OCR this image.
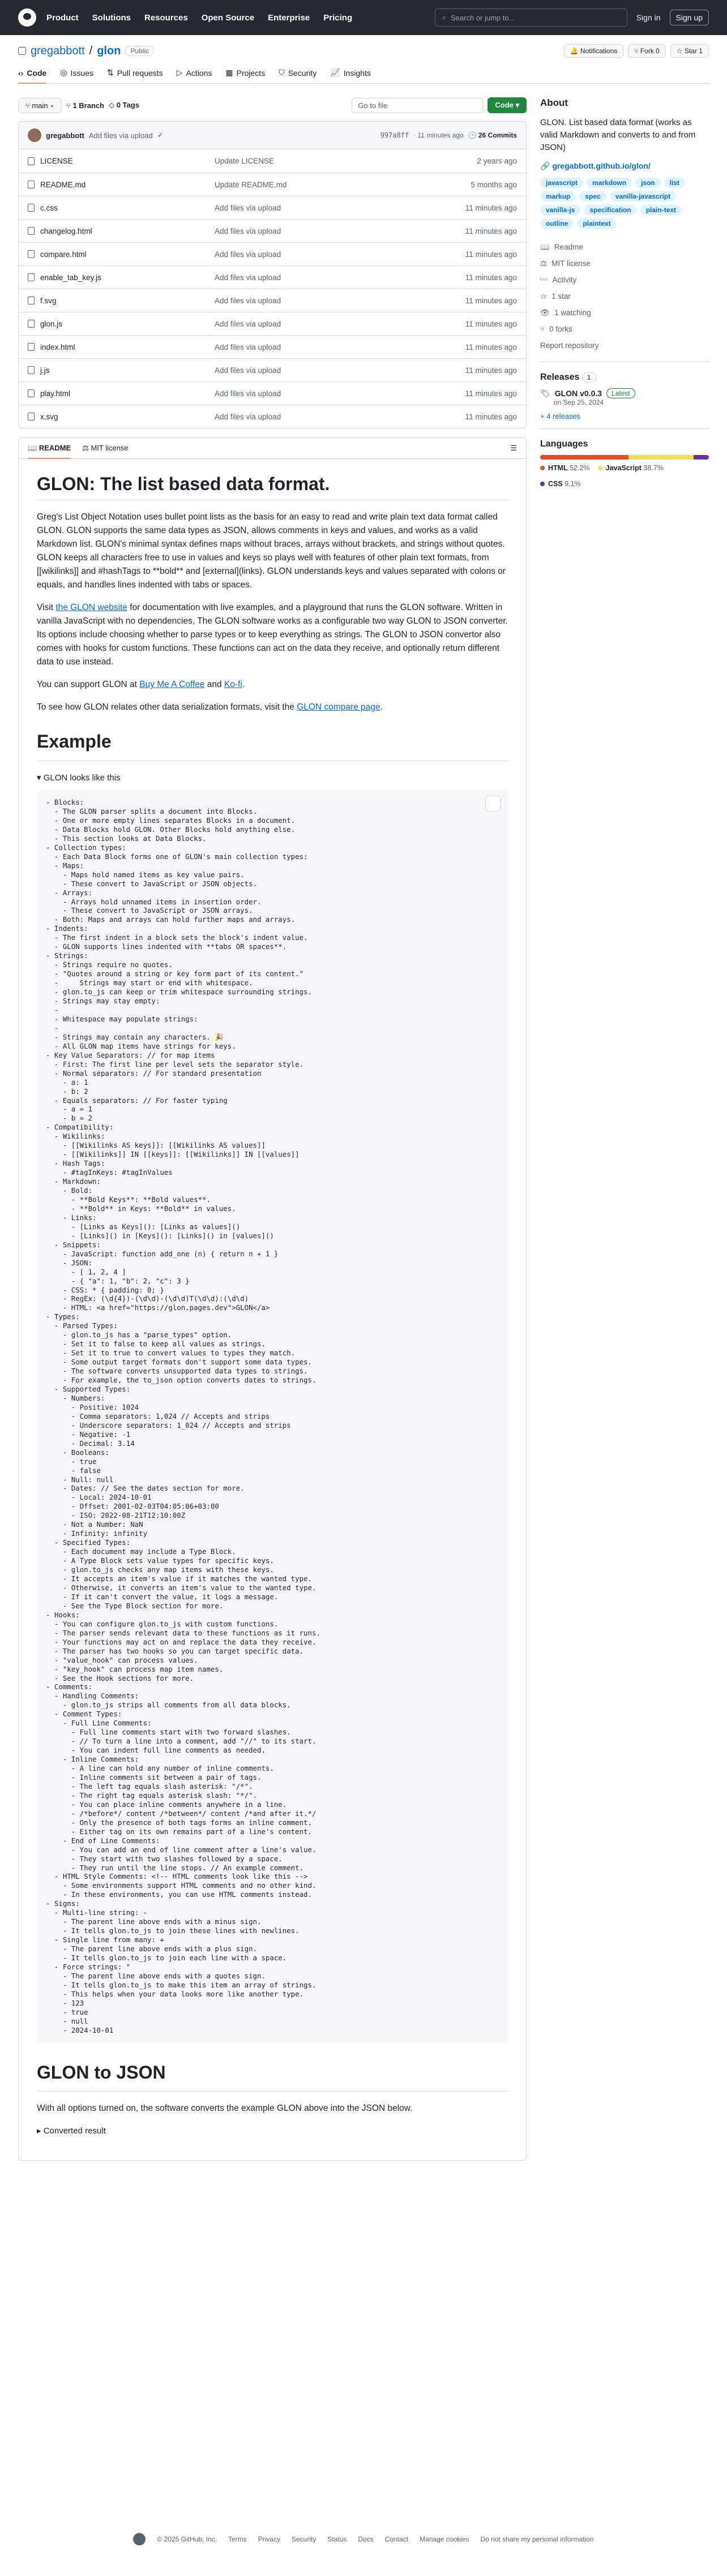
Product Solutions Resources Open Source Enterprise Pricing	⌕ Search or jump to...	Sign in	Sign up
gregabbott / glon	Public	🔔 Notifications	⑂ Fork 0	☆ Star 1
‹› Code ◎ Issues ⇅ Pull requests ▷ Actions ▦ Projects ⛉ Security 📈 Insights
⑂ main ▾	⑂ 1 Branch ◇ 0 Tags	Go to file	Code ▾
gregabbott Add files via upload ✓	997a8ff · 11 minutes ago 🕒 26 Commits
LICENSE	Update LICENSE	2 years ago
README.md	Update README.md	5 months ago
c.css	Add files via upload	11 minutes ago
changelog.html	Add files via upload	11 minutes ago
compare.html	Add files via upload	11 minutes ago
enable_tab_key.js	Add files via upload	11 minutes ago
f.svg	Add files via upload	11 minutes ago
glon.js	Add files via upload	11 minutes ago
index.html	Add files via upload	11 minutes ago
j.js	Add files via upload	11 minutes ago
play.html	Add files via upload	11 minutes ago
x.svg	Add files via upload	11 minutes ago
📖 README ⚖ MIT license	☰
GLON: The list based data format.

Greg's List Object Notation uses bullet point lists as the basis for an easy to read and write plain text data format called GLON. GLON supports the same data types as JSON, allows comments in keys and values, and works as a valid Markdown list. GLON's minimal syntax defines maps without braces, arrays without brackets, and strings without quotes. GLON keeps all characters free to use in values and keys so plays well with features of other plain text formats, from [[wikilinks]] and #hashTags to **bold** and [external](links). GLON understands keys and values separated with colons or equals, and handles lines indented with tabs or spaces.

Visit the GLON website for documentation with live examples, and a playground that runs the GLON software. Written in vanilla JavaScript with no dependencies, The GLON software works as a configurable two way GLON to JSON converter. Its options include choosing whether to parse types or to keep everything as strings. The GLON to JSON convertor also comes with hooks for custom functions. These functions can act on the data they receive, and optionally return different data to use instead.

You can support GLON at Buy Me A Coffee and Ko-fi.

To see how GLON relates other data serialization formats, visit the GLON compare page.

Example
▾ GLON looks like this
- Blocks:
- The GLON parser splits a document into Blocks.
- One or more empty lines separates Blocks in a document.
- Data Blocks hold GLON. Other Blocks hold anything else.
- This section looks at Data Blocks.
- Collection types:
- Each Data Block forms one of GLON's main collection types:
- Maps:
- Maps hold named items as key value pairs.
- These convert to JavaScript or JSON objects.
- Arrays:
- Arrays hold unnamed items in insertion order.
- These convert to JavaScript or JSON arrays.
- Both: Maps and arrays can hold further maps and arrays.
- Indents:
- The first indent in a block sets the block's indent value.
- GLON supports lines indented with **tabs OR spaces**.
- Strings:
- Strings require no quotes.
- "Quotes around a string or key form part of its content."
-     Strings may start or end with whitespace.
- glon.to_js can keep or trim whitespace surrounding strings.
- Strings may stay empty:
-
- Whitespace may populate strings:
-
- Strings may contain any characters. 🎉
- All GLON map items have strings for keys.
- Key Value Separators: // for map items
- First: The first line per level sets the separator style.
- Normal separators: // For standard presentation
- a: 1
- b: 2
- Equals separators: // For faster typing
- a = 1
- b = 2
- Compatibility:
- Wikilinks:
- [[Wikilinks AS keys]]: [[Wikilinks AS values]]
- [[Wikilinks]] IN [[keys]]: [[Wikilinks]] IN [[values]]
- Hash Tags:
- #tagInKeys: #tagInValues
- Markdown:
- Bold:
- **Bold Keys**: **Bold values**.
- **Bold** in Keys: **Bold** in values.
- Links:
- [Links as Keys](): [Links as values]()
- [Links]() in [Keys](): [Links]() in [values]()
- Snippets:
- JavaScript: function add_one (n) { return n + 1 }
- JSON:
- [ 1, 2, 4 ]
- { "a": 1, "b": 2, "c": 3 }
- CSS: * { padding: 0; }
- RegEx: (\d{4})-(\d\d)-(\d\d)T(\d\d):(\d\d)
- HTML: <a href="https://glon.pages.dev">GLON</a>
- Types:
- Parsed Types:
- glon.to_js has a "parse_types" option.
- Set it to false to keep all values as strings.
- Set it to true to convert values to types they match.
- Some output target formats don't support some data types.
- The software converts unsupported data types to strings.
- For example, the to_json option converts dates to strings.
- Supported Types:
- Numbers:
- Positive: 1024
- Comma separators: 1,024 // Accepts and strips
- Underscore separators: 1_024 // Accepts and strips
- Negative: -1
- Decimal: 3.14
- Booleans:
- true
- false
- Null: null
- Dates: // See the dates section for more.
- Local: 2024-10-01
- Offset: 2001-02-03T04:05:06+03:00
- ISO: 2022-08-21T12:10:00Z
- Not a Number: NaN
- Infinity: infinity
- Specified Types:
- Each document may include a Type Block.
- A Type Block sets value types for specific keys.
- glon.to_js checks any map items with these keys.
- It accepts an item's value if it matches the wanted type.
- Otherwise, it converts an item's value to the wanted type.
- If it can't convert the value, it logs a message.
- See the Type Block section for more.
- Hooks:
- You can configure glon.to_js with custom functions.
- The parser sends relevant data to these functions as it runs.
- Your functions may act on and replace the data they receive.
- The parser has two hooks so you can target specific data.
- "value_hook" can process values.
- "key_hook" can process map item names.
- See the Hook sections for more.
- Comments:
- Handling Comments:
- glon.to_js strips all comments from all data blocks.
- Comment Types:
- Full Line Comments:
- Full line comments start with two forward slashes.
- // To turn a line into a comment, add "//" to its start.
- You can indent full line comments as needed.
- Inline Comments:
- A line can hold any number of inline comments.
- Inline comments sit between a pair of tags.
- The left tag equals slash asterisk: "/*".
- The right tag equals asterisk slash: "*/".
- You can place inline comments anywhere in a line.
- /*before*/ content /*between*/ content /*and after it.*/
- Only the presence of both tags forms an inline comment.
- Either tag on its own remains part of a line's content.
- End of Line Comments:
- You can add an end of line comment after a line's value.
- They start with two slashes followed by a space.
- They run until the line stops. // An example comment.
- HTML Style Comments: <!-- HTML comments look like this -->
- Some environments support HTML comments and no other kind.
- In these environments, you can use HTML comments instead.
- Signs:
- Multi-line string: -
- The parent line above ends with a minus sign.
- It tells glon.to_js to join these lines with newlines.
- Single line from many: +
- The parent line above ends with a plus sign.
- It tells glon.to_js to join each line with a space.
- Force strings: "
- The parent line above ends with a quotes sign.
- It tells glon.to_js to make this item an array of strings.
- This helps when your data looks more like another type.
- 123
- true
- null
- 2024-10-01
GLON to JSON

With all options turned on, the software converts the example GLON above into the JSON below.

▸ Converted result
About

GLON. List based data format (works as valid Markdown and converts to and from JSON)

🔗 gregabbott.github.io/glon/
javascript	markdown	json	list
markup	spec	vanilla-javascript
vanilla-js	specification	plain-text
outline	plaintext
📖 Readme
⚖ MIT license
〰 Activity
☆ 1 star
👁 1 watching
⑂ 0 forks
Report repository
Releases 1
🏷 GLON v0.0.3	Latest
on Sep 25, 2024
+ 4 releases
Languages
HTML 52.2%	JavaScript 38.7%
CSS 9.1%
© 2025 GitHub, Inc. Terms Privacy Security Status Docs Contact Manage cookies Do not share my personal information
